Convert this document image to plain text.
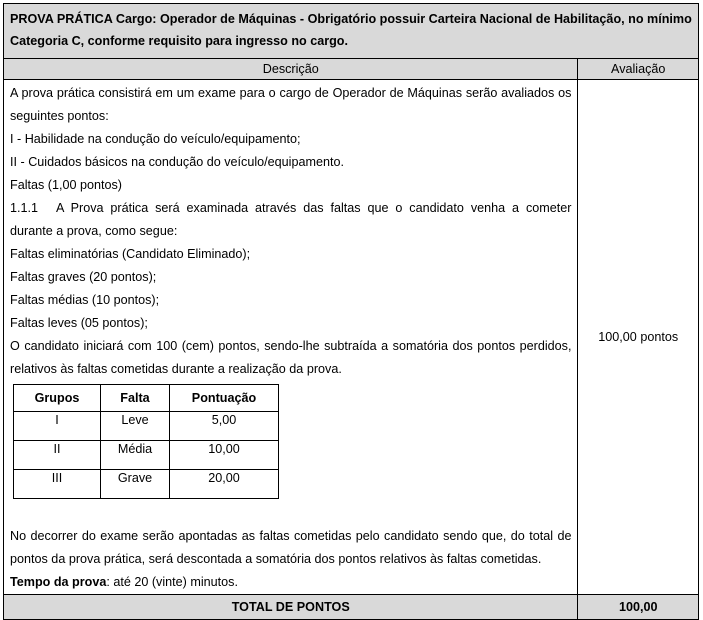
PROVA PRÁTICA Cargo: Operador de Máquinas - Obrigatório possuir Carteira Nacional de Habilitação, no mínimo Categoria C, conforme requisito para ingresso no cargo.
Descrição	Avaliação

A prova prática consistirá em um exame para o cargo de Operador de Máquinas serão avaliados os seguintes pontos:
I - Habilidade na condução do veículo/equipamento;
II - Cuidados básicos na condução do veículo/equipamento.
Faltas (1,00 pontos)
1.1.1 A Prova prática será examinada através das faltas que o candidato venha a cometer durante a prova, como segue:
Faltas eliminatórias (Candidato Eliminado);
Faltas graves (20 pontos);
Faltas médias (10 pontos);
Faltas leves (05 pontos);
O candidato iniciará com 100 (cem) pontos, sendo-lhe subtraída a somatória dos pontos perdidos, relativos às faltas cometidas durante a realização da prova.
Grupos	Falta	Pontuação
I	Leve	5,00
II	Média	10,00
III	Grave	20,00
No decorrer do exame serão apontadas as faltas cometidas pelo candidato sendo que, do total de pontos da prova prática, será descontada a somatória dos pontos relativos às faltas cometidas.
Tempo da prova: até 20 (vinte) minutos.
	100,00 pontos
TOTAL DE PONTOS	100,00
